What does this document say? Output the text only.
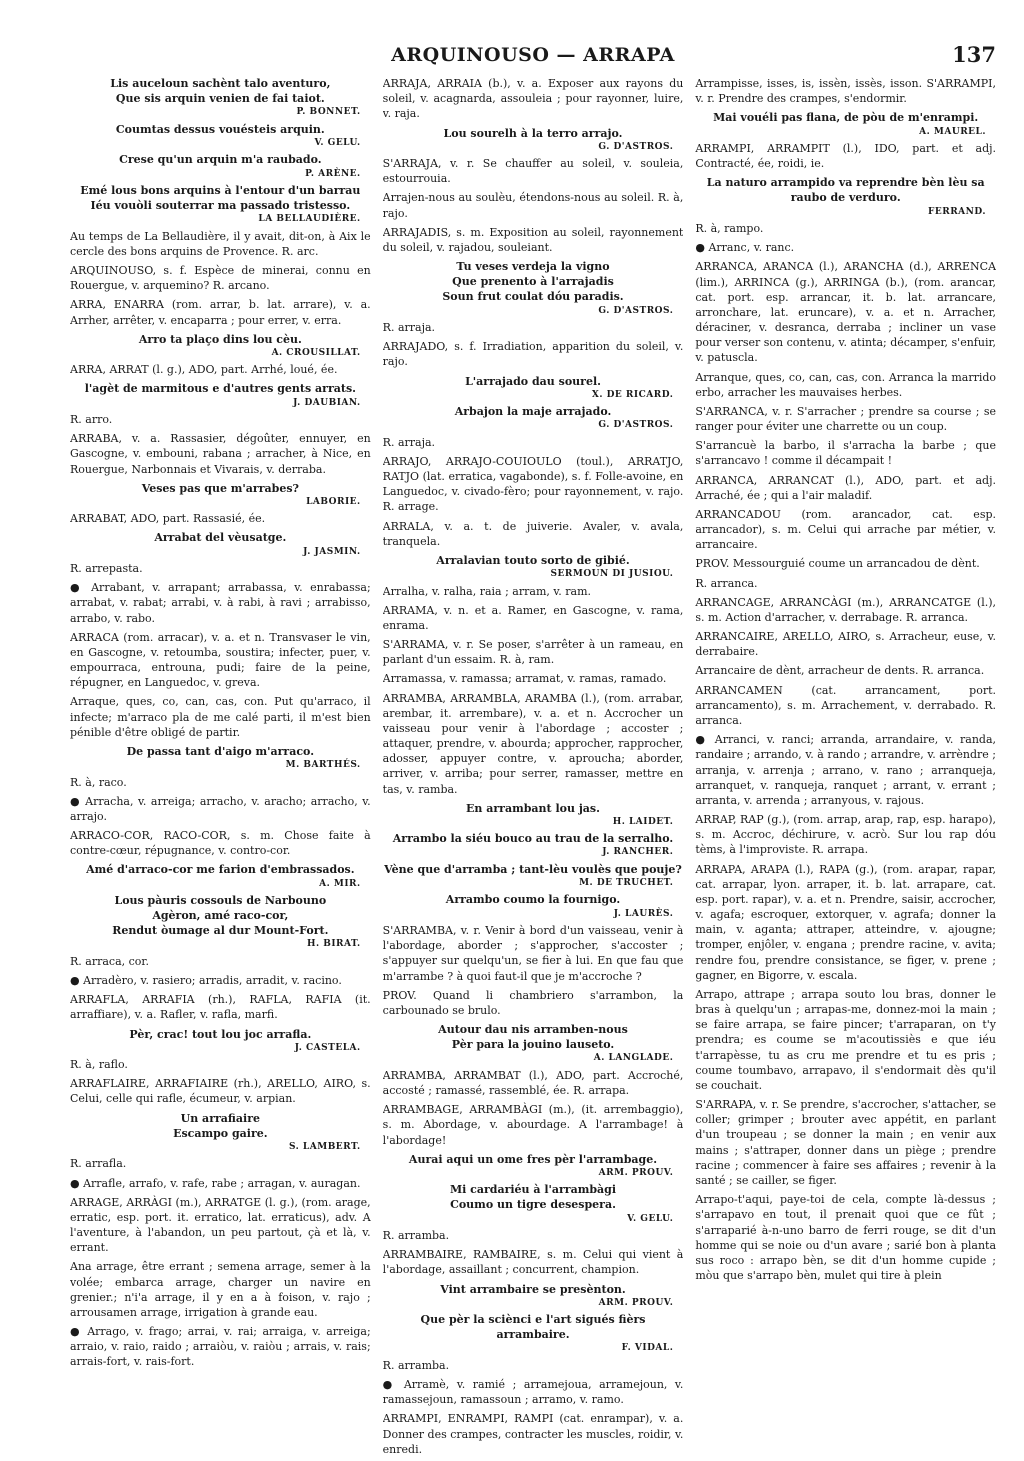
ARQUINOUSO — ARRAPA	137
Lis auceloun sachènt talo aventuro,
Que sis arquin venien de fai taiot.
P. BONNET.
Coumtas dessus vouésteis arquin.
V. GELU.
Crese qu'un arquin m'a raubado.
P. ARÈNE.
Emé lous bons arquins à l'entour d'un barrau
Iéu vouòli souterrar ma passado tristesso.
LA BELLAUDIÈRE.

Au temps de La Bellaudière, il y avait, dit-on, à Aix le cercle des bons arquins de Provence. R. arc.

ARQUINOUSO, s. f. Espèce de minerai, connu en Rouergue, v. arquemino? R. arcano.

ARRA, ENARRA (rom. arrar, b. lat. arrare), v. a. Arrher, arrêter, v. encaparra ; pour errer, v. erra.

Arro ta plaço dins lou cèu.
A. CROUSILLAT.

ARRA, ARRAT (l. g.), ADO, part. Arrhé, loué, ée.

l'agèt de marmitous e d'autres gents arrats.
J. DAUBIAN.

R. arro.

ARRABA, v. a. Rassasier, dégoûter, ennuyer, en Gascogne, v. embouni, rabana ; arracher, à Nice, en Rouergue, Narbonnais et Vivarais, v. derraba.

Veses pas que m'arrabes?
LABORIE.

ARRABAT, ADO, part. Rassasié, ée.

Arrabat del vèusatge.
J. JASMIN.

R. arrepasta.

● Arrabant, v. arrapant; arrabassa, v. enrabassa; arrabat, v. rabat; arrabi, v. à rabi, à ravi ; arrabisso, arrabo, v. rabo.

ARRACA (rom. arracar), v. a. et n. Transvaser le vin, en Gascogne, v. retoumba, soustira; infecter, puer, v. empourraca, entrouna, pudi; faire de la peine, répugner, en Languedoc, v. greva.

Arraque, ques, co, can, cas, con. Put qu'arraco, il infecte; m'arraco pla de me calé parti, il m'est bien pénible d'être obligé de partir.

De passa tant d'aigo m'arraco.
M. BARTHÉS.

R. à, raco.

● Arracha, v. arreiga; arracho, v. aracho; arracho, v. arrajo.

ARRACO-COR, RACO-COR, s. m. Chose faite à contre-cœur, répugnance, v. contro-cor.

Amé d'arraco-cor me farion d'embrassados.
A. MIR.
Lous pàuris cossouls de Narbouno
Agèron, amé raco-cor,
Rendut òumage al dur Mount-Fort.
H. BIRAT.

R. arraca, cor.

● Arradèro, v. rasiero; arradis, arradit, v. racino.

ARRAFLA, ARRAFIA (rh.), RAFLA, RAFIA (it. arraffiare), v. a. Rafler, v. rafla, marfi.

Pèr, crac! tout lou joc arrafla.
J. CASTELA.

R. à, raflo.

ARRAFLAIRE, ARRAFIAIRE (rh.), ARELLO, AIRO, s. Celui, celle qui rafle, écumeur, v. arpian.

Un arrafiaire
Escampo gaire.
S. LAMBERT.

R. arrafla.

● Arrafle, arrafo, v. rafe, rabe ; arragan, v. auragan.

ARRAGE, ARRÀGI (m.), ARRATGE (l. g.), (rom. arage, erratic, esp. port. it. erratico, lat. erraticus), adv. A l'aventure, à l'abandon, un peu partout, çà et là, v. errant.

Ana arrage, être errant ; semena arrage, semer à la volée; embarca arrage, charger un navire en grenier.; n'i'a arrage, il y en a à foison, v. rajo ; arrousamen arrage, irrigation à grande eau.

● Arrago, v. frago; arrai, v. rai; arraiga, v. arreiga; arraio, v. raio, raido ; arraiòu, v. raiòu ; arrais, v. rais; arrais-fort, v. rais-fort.

ARRAJA, ARRAIA (b.), v. a. Exposer aux rayons du soleil, v. acagnarda, assouleia ; pour rayonner, luire, v. raja.

Lou sourelh à la terro arrajo.
G. D'ASTROS.

S'ARRAJA, v. r. Se chauffer au soleil, v. souleia, estourrouia.

Arrajen-nous au soulèu, étendons-nous au soleil. R. à, rajo.

ARRAJADIS, s. m. Exposition au soleil, rayonnement du soleil, v. rajadou, souleiant.

Tu veses verdeja la vigno
Que prenento à l'arrajadis
Soun frut coulat dóu paradis.
G. D'ASTROS.

R. arraja.

ARRAJADO, s. f. Irradiation, apparition du soleil, v. rajo.

L'arrajado dau sourel.
X. DE RICARD.
Arbajon la maje arrajado.
G. D'ASTROS.

R. arraja.

ARRAJO, ARRAJO-COUIOULO (toul.), ARRATJO, RATJO (lat. erratica, vagabonde), s. f. Folle-avoine, en Languedoc, v. civado-fèro; pour rayonnement, v. rajo. R. arrage.

ARRALA, v. a. t. de juiverie. Avaler, v. avala, tranquela.

Arralavian touto sorto de gibié.
SERMOUN DI JUSIOU.

Arralha, v. ralha, raia ; arram, v. ram.

ARRAMA, v. n. et a. Ramer, en Gascogne, v. rama, enrama.

S'ARRAMA, v. r. Se poser, s'arrêter à un rameau, en parlant d'un essaim. R. à, ram.

Arramassa, v. ramassa; arramat, v. ramas, ramado.

ARRAMBA, ARRAMBLA, ARAMBA (l.), (rom. arrabar, arembar, it. arrembare), v. a. et n. Accrocher un vaisseau pour venir à l'abordage ; accoster ; attaquer, prendre, v. abourda; approcher, rapprocher, adosser, appuyer contre, v. aproucha; aborder, arriver, v. arriba; pour serrer, ramasser, mettre en tas, v. ramba.

En arrambant lou jas.
H. LAIDET.
Arrambo la siéu bouco au trau de la serralho.
J. RANCHER.
Vène que d'arramba ; tant-lèu voulès que pouje?
M. DE TRUCHET.
Arrambo coumo la fournigo.
J. LAURÈS.

S'ARRAMBA, v. r. Venir à bord d'un vaisseau, venir à l'abordage, aborder ; s'approcher, s'accoster ; s'appuyer sur quelqu'un, se fier à lui. En que fau que m'arrambe ? à quoi faut-il que je m'accroche ?

PROV. Quand li chambriero s'arrambon, la carbounado se brulo.

Autour dau nis arramben-nous
Pèr para la jouino lauseto.
A. LANGLADE.

ARRAMBA, ARRAMBAT (l.), ADO, part. Accroché, accosté ; ramassé, rassemblé, ée. R. arrapa.

ARRAMBAGE, ARRAMBÀGI (m.), (it. arrembaggio), s. m. Abordage, v. abourdage. A l'arrambage! à l'abordage!

Aurai aqui un ome fres pèr l'arrambage.
ARM. PROUV.
Mi cardariéu à l'arrambàgi
Coumo un tigre desespera.
V. GELU.

R. arramba.

ARRAMBAIRE, RAMBAIRE, s. m. Celui qui vient à l'abordage, assaillant ; concurrent, champion.

Vint arrambaire se presènton.
ARM. PROUV.
Que pèr la sciènci e l'art sigués fièrs arrambaire.
F. VIDAL.

R. arramba.

● Arramè, v. ramié ; arramejoua, arramejoun, v. ramassejoun, ramassoun ; arramo, v. ramo.

ARRAMPI, ENRAMPI, RAMPI (cat. enrampar), v. a. Donner des crampes, contracter les muscles, roidir, v. enredi.

Arrampisse, isses, is, issèn, issès, isson. S'ARRAMPI, v. r. Prendre des crampes, s'endormir.

Mai vouéli pas flana, de pòu de m'enrampi.
A. MAUREL.

ARRAMPI, ARRAMPIT (l.), IDO, part. et adj. Contracté, ée, roidi, ie.

La naturo arrampido va reprendre bèn lèu sa raubo de verduro.
FERRAND.

R. à, rampo.

● Arranc, v. ranc.

ARRANCA, ARANCA (l.), ARANCHA (d.), ARRENCA (lim.), ARRINCA (g.), ARRINGA (b.), (rom. arancar, cat. port. esp. arrancar, it. b. lat. arrancare, arronchare, lat. eruncare), v. a. et n. Arracher, déraciner, v. desranca, derraba ; incliner un vase pour verser son contenu, v. atinta; décamper, s'enfuir, v. patuscla.

Arranque, ques, co, can, cas, con. Arranca la marrido erbo, arracher les mauvaises herbes.

S'ARRANCA, v. r. S'arracher ; prendre sa course ; se ranger pour éviter une charrette ou un coup.

S'arrancuè la barbo, il s'arracha la barbe ; que s'arrancavo ! comme il décampait !

ARRANCA, ARRANCAT (l.), ADO, part. et adj. Arraché, ée ; qui a l'air maladif.

ARRANCADOU (rom. arancador, cat. esp. arrancador), s. m. Celui qui arrache par métier, v. arrancaire.

PROV. Messourguié coume un arrancadou de dènt.

R. arranca.

ARRANCAGE, ARRANCÀGI (m.), ARRANCATGE (l.), s. m. Action d'arracher, v. derrabage. R. arranca.

ARRANCAIRE, ARELLO, AIRO, s. Arracheur, euse, v. derrabaire.

Arrancaire de dènt, arracheur de dents. R. arranca.

ARRANCAMEN (cat. arrancament, port. arrancamento), s. m. Arrachement, v. derrabado. R. arranca.

● Arranci, v. ranci; arranda, arrandaire, v. randa, randaire ; arrando, v. à rando ; arrandre, v. arrèndre ; arranja, v. arrenja ; arrano, v. rano ; arranqueja, arranquet, v. ranqueja, ranquet ; arrant, v. errant ; arranta, v. arrenda ; arranyous, v. rajous.

ARRAP, RAP (g.), (rom. arrap, arap, rap, esp. harapo), s. m. Accroc, déchirure, v. acrò. Sur lou rap dóu tèms, à l'improviste. R. arrapa.

ARRAPA, ARAPA (l.), RAPA (g.), (rom. arapar, rapar, cat. arrapar, lyon. arraper, it. b. lat. arrapare, cat. esp. port. rapar), v. a. et n. Prendre, saisir, accrocher, v. agafa; escroquer, extorquer, v. agrafa; donner la main, v. aganta; attraper, atteindre, v. ajougne; tromper, enjôler, v. engana ; prendre racine, v. avita; rendre fou, prendre consistance, se figer, v. prene ; gagner, en Bigorre, v. escala.

Arrapo, attrape ; arrapa souto lou bras, donner le bras à quelqu'un ; arrapas-me, donnez-moi la main ; se faire arrapa, se faire pincer; t'arraparan, on t'y prendra; es coume se m'acoutissiès e que iéu t'arrapèsse, tu as cru me prendre et tu es pris ; coume toumbavo, arrapavo, il s'endormait dès qu'il se couchait.

S'ARRAPA, v. r. Se prendre, s'accrocher, s'attacher, se coller; grimper ; brouter avec appétit, en parlant d'un troupeau ; se donner la main ; en venir aux mains ; s'attraper, donner dans un piège ; prendre racine ; commencer à faire ses affaires ; revenir à la santé ; se cailler, se figer.

Arrapo-t'aqui, paye-toi de cela, compte là-dessus ; s'arrapavo en tout, il prenait quoi que ce fût ; s'arraparié à-n-uno barro de ferri rouge, se dit d'un homme qui se noie ou d'un avare ; sarié bon à planta sus roco : arrapo bèn, se dit d'un homme cupide ; mòu que s'arrapo bèn, mulet qui tire à plein
